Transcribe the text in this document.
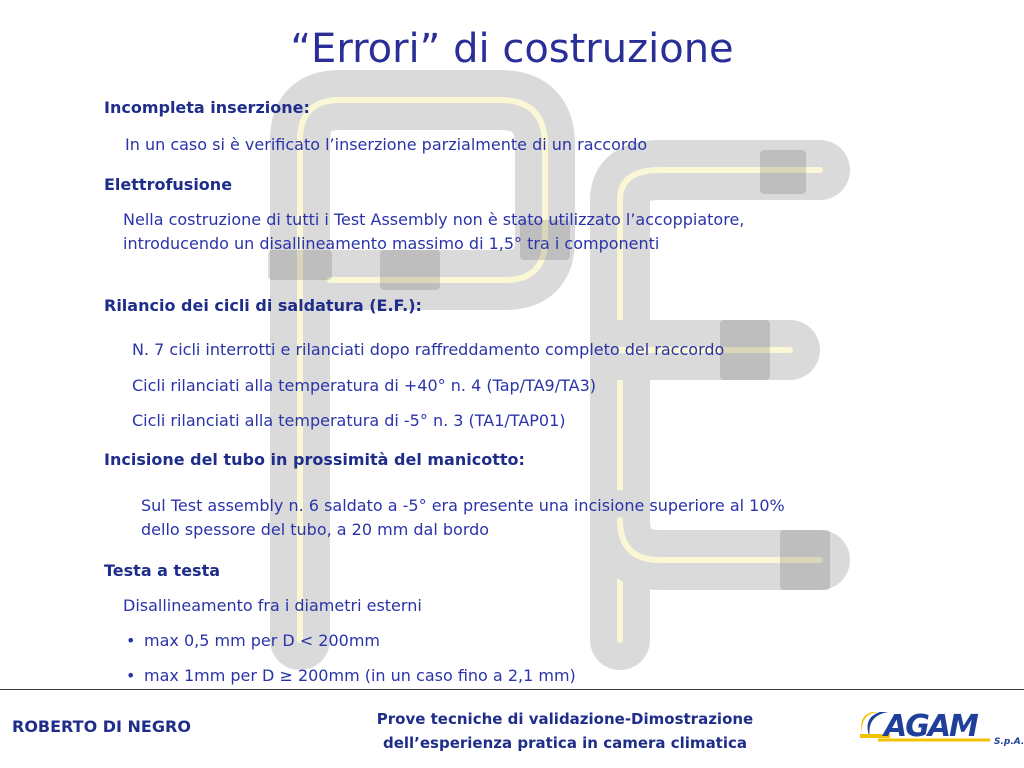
“Errori” di costruzione
Incompleta inserzione:
In un caso si è verificato l’inserzione parzialmente di un raccordo
Elettrofusione
Nella costruzione di tutti i Test Assembly non è stato utilizzato l’accoppiatore, introducendo un disallineamento massimo di 1,5° tra i componenti
Rilancio dei cicli di saldatura (E.F.):
N. 7 cicli interrotti e rilanciati dopo raffreddamento completo del raccordo
Cicli rilanciati alla temperatura di +40° n. 4 (Tap/TA9/TA3)
Cicli rilanciati alla temperatura di -5° n. 3 (TA1/TAP01)
Incisione del tubo in prossimità del manicotto:
Sul Test assembly n. 6 saldato a -5° era presente una incisione superiore al 10% dello spessore del tubo, a 20 mm dal bordo
Testa a testa
Disallineamento fra i diametri esterni
• max 0,5 mm per D < 200mm
• max 1mm per D ≥ 200mm (in un caso fino a 2,1 mm)
ROBERTO DI NEGRO	Prove tecniche di validazione-Dimostrazione
dell’esperienza pratica in camera climatica	AGAM S.p.A.
